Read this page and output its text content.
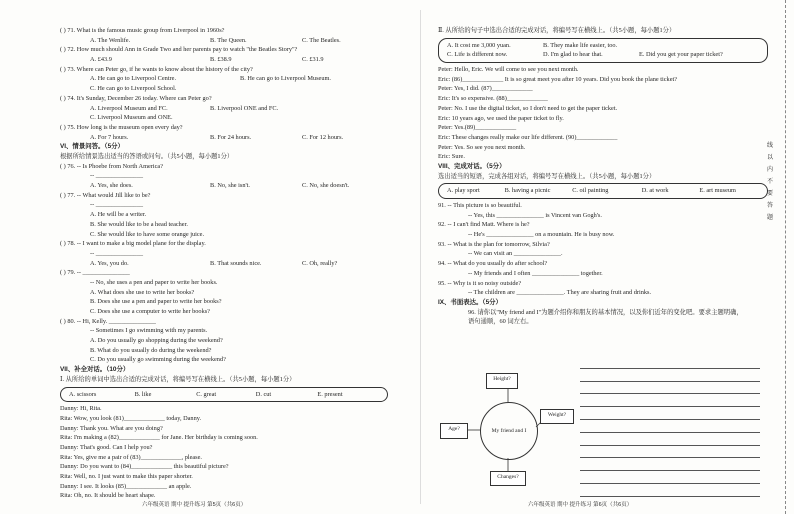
( ) 71. What is the famous music group from Liverpool in 1960s?
A. The Wenlife.	B. The Queen.	C. The Beatles.
( ) 72. How much should Ann in Grade Two and her parents pay to watch "the Beatles Story"?
A. £43.9	B. £38.9	C. £31.9
( ) 73. Where can Peter go, if he wants to know about the history of the city?
A. He can go to Liverpool Centre.	B. He can go to Liverpool Museum.
C. He can go to Liverpool School.
( ) 74. It's Sunday, December 26 today. Where can Peter go?
A. Liverpool Museum and FC.	B. Liverpool ONE and FC.
C. Liverpool Museum and ONE.
( ) 75. How long is the museum open every day?
A. For 7 hours.	B. For 24 hours.	C. For 12 hours.
VI、情景问答。（5分）
根据所给情景选出适当的答语或问句。（共5小题，每小题1分）
( ) 76. -- Is Phoebe from North America?
-- _______________
A. Yes, she does.	B. No, she isn't.	C. No, she doesn't.
( ) 77. -- What would Jill like to be?
-- _______________
A. He will be a writer.
B. She would like to be a head teacher.
C. She would like to have some orange juice.
( ) 78. -- I want to make a big model plane for the display.
-- _______________
A. Yes, you do.	B. That sounds nice.	C. Oh, really?
( ) 79. -- _______________
-- No, she uses a pen and paper to write her books.
A. What does she use to write her books?
B. Does she use a pen and paper to write her books?
C. Does she use a computer to write her books?
( ) 80. -- Hi, Kelly. _______________
-- Sometimes I go swimming with my parents.
A. Do you usually go shopping during the weekend?
B. What do you usually do during the weekend?
C. Do you usually go swimming during the weekend?
VII、补全对话。（10分）
Ⅰ. 从所给的单词中选出合适的完成对话，将编号写在横线上。（共5小题，每小题1分）
A. scissors	B. like	C. great	D. cut	E. present
Danny: Hi, Rita.
Rita: Wow, you look (81)_____________ today, Danny.
Danny: Thank you. What are you doing?
Rita: I'm making a (82)_____________ for Jane. Her birthday is coming soon.
Danny: That's good. Can I help you?
Rita: Yes, give me a pair of (83)_____________, please.
Danny: Do you want to (84)_____________ this beautiful picture?
Rita: Well, no. I just want to make this paper shorter.
Danny: I see. It looks (85)_____________ an apple.
Rita: Oh, no. It should be heart shape.
Ⅱ. 从所给的句子中选出合适的完成对话，将编号写在横线上。（共5小题，每小题1分）
A. It cost me 3,000 yuan.	B. They make life easier, too.
C. Life is different now.	D. I'm glad to hear that.	E. Did you get your paper ticket?
Peter: Hello, Eric. We will come to see you next month.
Eric: (86)_____________ It is so great meet you after 10 years. Did you book the plane ticket?
Peter: Yes, I did. (87)_____________
Eric: It's so expensive. (88)_____________
Peter: No. I use the digital ticket, so I don't need to get the paper ticket.
Eric: 10 years ago, we used the paper ticket to fly.
Peter: Yes.(89)_____________
Eric: These changes really make our life different. (90)_____________
Peter: Yes. So see you next month.
Eric: Sure.
VIII、完成对话。（5分）
选出适当的短语，完成各组对话，将编号写在横线上。（共5小题，每小题1分）
A. play sport	B. having a picnic	C. oil painting	D. at work	E. art museum
91. -- This picture is so beautiful.
-- Yes, this _______________ is Vincent van Gogh's.
92. -- I can't find Matt. Where is he?
-- He's _______________ on a mountain. He is busy now.
93. -- What is the plan for tomorrow, Silvia?
-- We can visit an _______________.
94. -- What do you usually do after school?
-- My friends and I often _______________ together.
95. -- Why is it so noisy outside?
-- The children are _______________. They are sharing fruit and drinks.
IX、书面表达。（5分）
96. 请你以"My friend and I"为题介绍你和朋友的基本情况，以及你们近年的变化吧。要求主题明确，
语句通顺，60 词左右。
Height?
My friend and I
Weight?
Age?
Changes?
线
以
内
不
要
答
题
六年级英语 期中 提升练习 第5页（共6页）	六年级英语 期中 提升练习 第6页（共6页）
